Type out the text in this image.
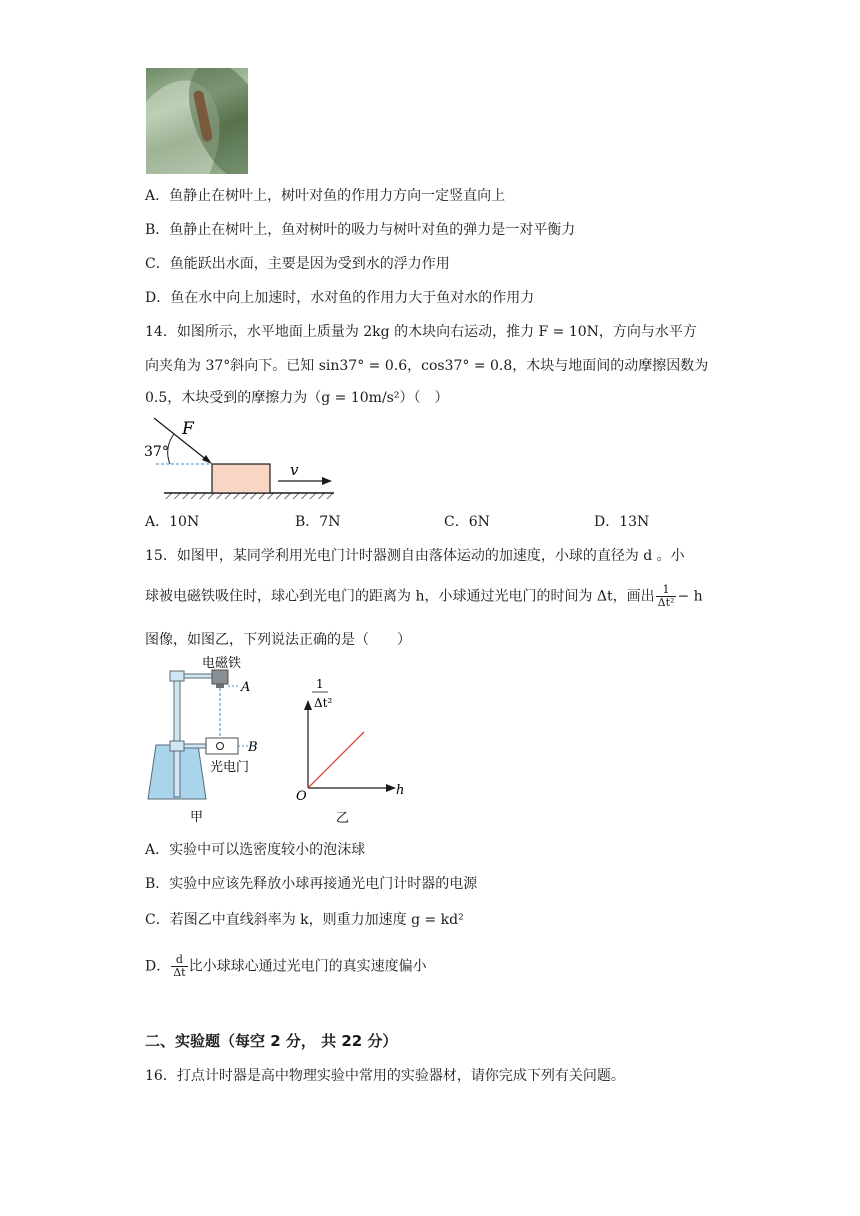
A．鱼静止在树叶上，树叶对鱼的作用力方向一定竖直向上
B．鱼静止在树叶上，鱼对树叶的吸力与树叶对鱼的弹力是一对平衡力
C．鱼能跃出水面，主要是因为受到水的浮力作用
D．鱼在水中向上加速时，水对鱼的作用力大于鱼对水的作用力
14．如图所示，水平地面上质量为 2kg 的木块向右运动，推力 F = 10N，方向与水平方
向夹角为 37°斜向下。已知 sin37° = 0.6，cos37° = 0.8，木块与地面间的动摩擦因数为
0.5，木块受到的摩擦力为（g = 10m/s²）（　）
37°
F
v
A．10N	B．7N	C．6N	D．13N
15．如图甲，某同学利用光电门计时器测自由落体运动的加速度，小球的直径为 d 。小
球被电磁铁吸住时，球心到光电门的距离为 h，小球通过光电门的时间为 Δt，画出 $\frac{1}{\text{Δt²}} - h$
图像，如图乙，下列说法正确的是（　　）
电磁铁
A
B
光电门
甲
1
Δt²
h
O
乙
A．实验中可以选密度较小的泡沫球
B．实验中应该先释放小球再接通光电门计时器的电源
C．若图乙中直线斜率为 k，则重力加速度 g = kd²
D． $\frac{d}{\Delta t}$ 比小球球心通过光电门的真实速度偏小
二、实验题（每空 2 分， 共 22 分）
16．打点计时器是高中物理实验中常用的实验器材，请你完成下列有关问题。
